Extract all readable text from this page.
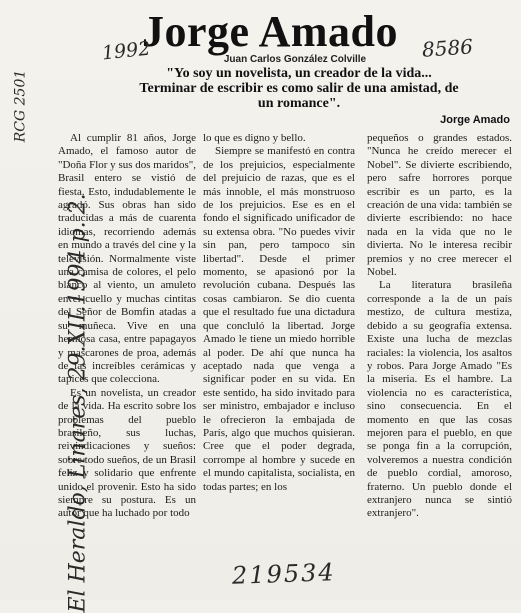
Jorge Amado
Juan Carlos González Colville
"Yo soy un novelista, un creador de la vida... Terminar de escribir es como salir de una amistad, de un romance".
Jorge Amado

Al cumplir 81 años, Jorge Amado, el famoso autor de "Doña Flor y sus dos maridos", Brasil entero se vistió de fiesta. Esto, indudablemente le agradó. Sus obras han sido traducidas a más de cuarenta idiomas, recorriendo además en mundo a través del cine y la televisión. Normalmente viste una camisa de colores, el pelo blanco al viento, un amuleto en el cuello y muchas cintitas del Señor de Bomfin atadas a su muñeca. Vive en una hermosa casa, entre papagayos y mascarones de proa, además de las increíbles cerámicas y tapices que colecciona.

Es un novelista, un creador de la vida. Ha escrito sobre los problemas del pueblo brasileño, sus luchas, reivindicaciones y sueños: sobre todo sueños, de un Brasil feliz y solidario que enfrente unido el provenir. Esto ha sido siempre su postura. Es un autor que ha luchado por todo

lo que es digno y bello.

Siempre se manifestó en contra de los prejuicios, especialmente del prejuicio de razas, que es el más innoble, el más monstruoso de los prejuicios. Ese es en el fondo el significado unificador de su extensa obra. "No puedes vivir sin pan, pero tampoco sin libertad". Desde el primer momento, se apasionó por la revolución cubana. Después las cosas cambiaron. Se dio cuenta que el resultado fue una dictadura que concluló la libertad. Jorge Amado le tiene un miedo horrible al poder. De ahí que nunca ha aceptado nada que venga a significar poder en su vida. En este sentido, ha sido invitado para ser ministro, embajador e incluso le ofrecieron la embajada de París, algo que muchos quisieran. Cree que el poder degrada, corrompe al hombre y sucede en el mundo capitalista, socialista, en todas partes; en los

pequeños o grandes estados. "Nunca he creído merecer el Nobel". Se divierte escribiendo, pero safre horrores porque escribir es un parto, es la creación de una vida: también se divierte escribiendo: no hace nada en la vida que no le divierta. No le interesa recibir premios y no cree merecer el Nobel.

La literatura brasileña corresponde a la de un país mestizo, de cultura mestiza, debido a su geografía extensa. Existe una lucha de mezclas raciales: la violencia, los asaltos y robos. Para Jorge Amado "Es la miseria. Es el hambre. La violencia no es característica, sino consecuencia. En el momento en que las cosas mejoren para el pueblo, en que se ponga fin a la corrupción, volveremos a nuestra condición de pueblo cordial, amoroso, fraterno. Un pueblo donde el extranjero nunca se sintió extranjero".

1992	8586
RCG 2501
El Heraldo, Linares, 29.XII.1994 p. 2.	219534
